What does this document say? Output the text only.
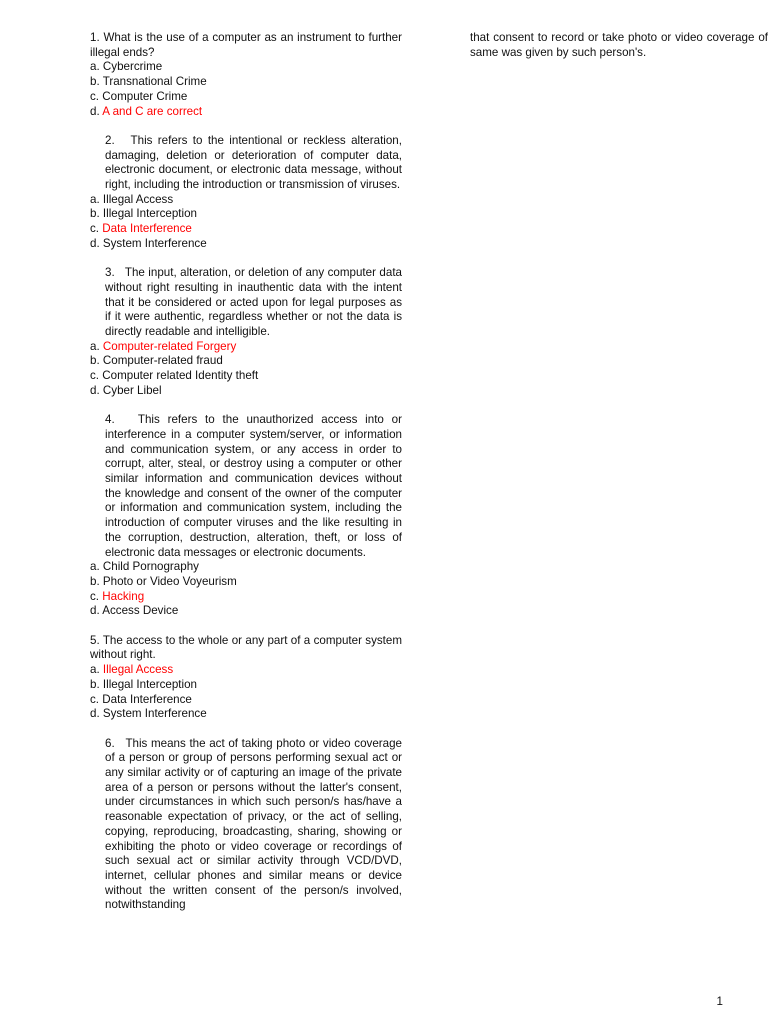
1. What is the use of a computer as an instrument to further illegal ends?

a. Cybercrime

b. Transnational Crime

c. Computer Crime

d. A and C are correct

2. This refers to the intentional or reckless alteration, damaging, deletion or deterioration of computer data, electronic document, or electronic data message, without right, including the introduction or transmission of viruses.

a. Illegal Access

b. Illegal Interception

c. Data Interference

d. System Interference

3. The input, alteration, or deletion of any computer data without right resulting in inauthentic data with the intent that it be considered or acted upon for legal purposes as if it were authentic, regardless whether or not the data is directly readable and intelligible.

a. Computer-related Forgery

b. Computer-related fraud

c. Computer related Identity theft

d. Cyber Libel

4. This refers to the unauthorized access into or interference in a computer system/server, or information and communication system, or any access in order to corrupt, alter, steal, or destroy using a computer or other similar information and communication devices without the knowledge and consent of the owner of the computer or information and communication system, including the introduction of computer viruses and the like resulting in the corruption, destruction, alteration, theft, or loss of electronic data messages or electronic documents.

a. Child Pornography

b. Photo or Video Voyeurism

c. Hacking

d. Access Device

5. The access to the whole or any part of a computer system without right.

a. Illegal Access

b. Illegal Interception

c. Data Interference

d. System Interference

6. This means the act of taking photo or video coverage of a person or group of persons performing sexual act or any similar activity or of capturing an image of the private area of a person or persons without the latter's consent, under circumstances in which such person/s has/have a reasonable expectation of privacy, or the act of selling, copying, reproducing, broadcasting, sharing, showing or exhibiting the photo or video coverage or recordings of such sexual act or similar activity through VCD/DVD, internet, cellular phones and similar means or device without the written consent of the person/s involved, notwithstanding

that consent to record or take photo or video coverage of same was given by such person's.

1
